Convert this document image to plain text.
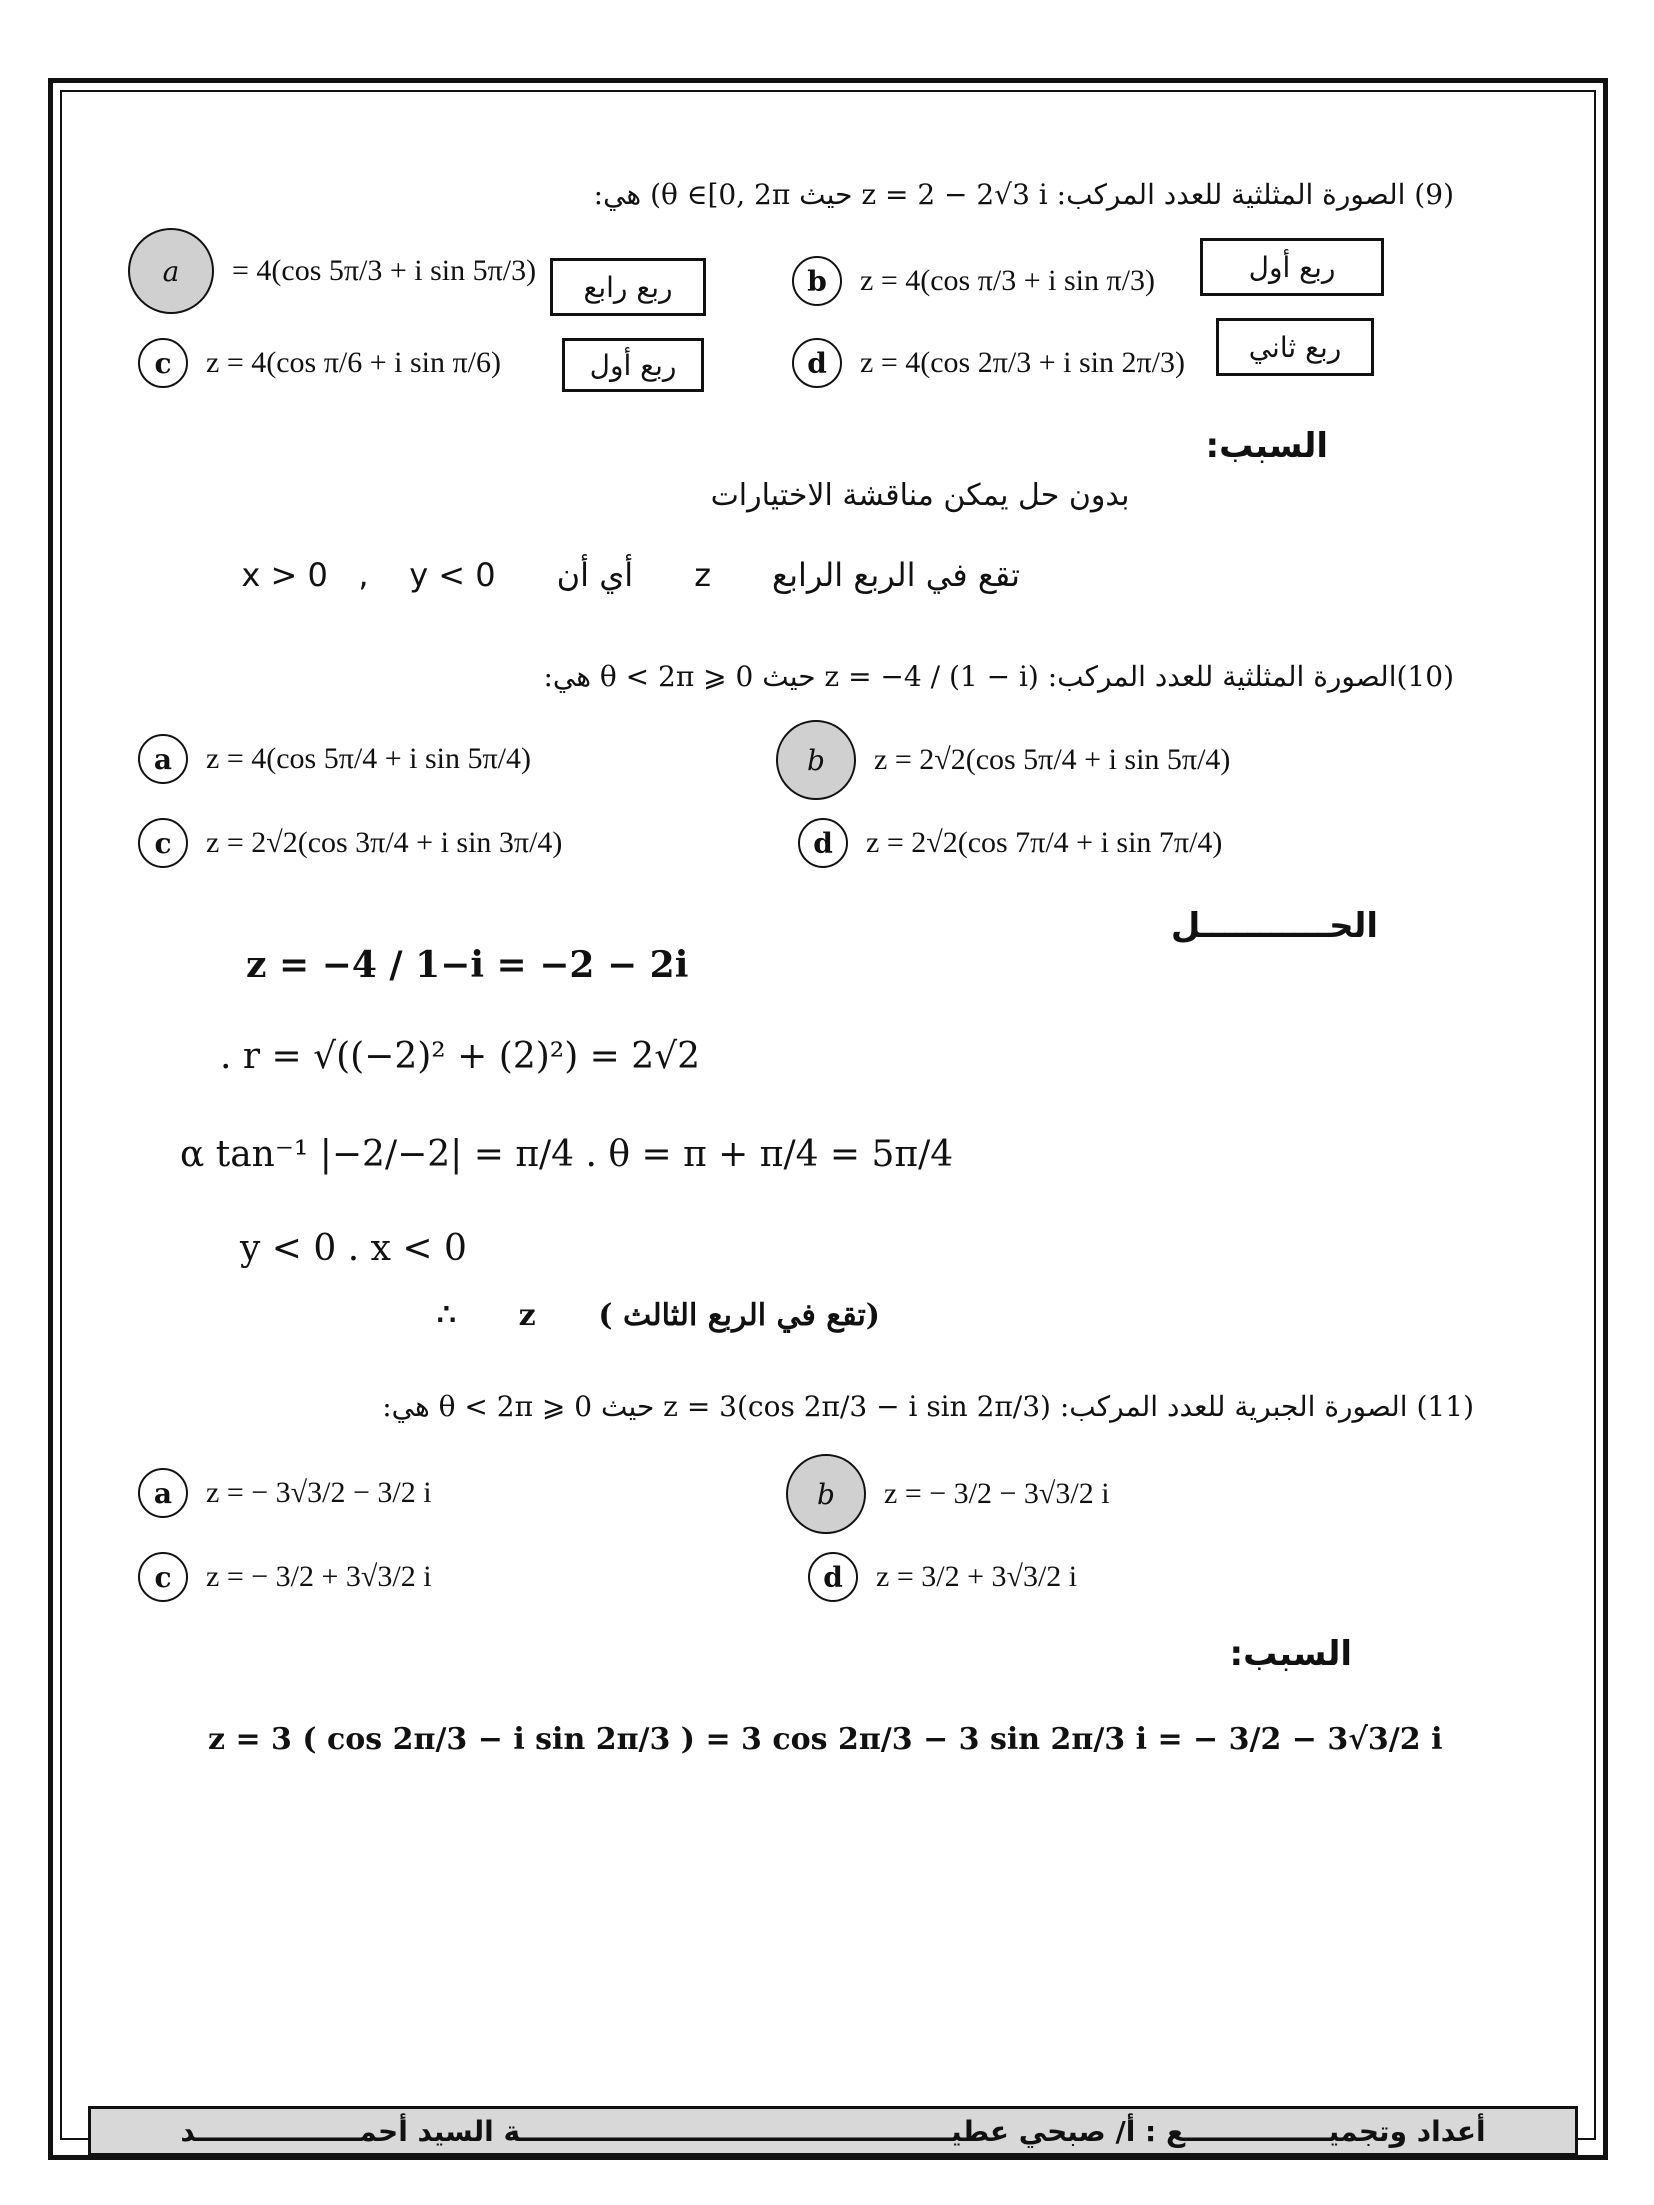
(9) الصورة المثلثية للعدد المركب: z = 2 − 2√3 i حيث θ ∈[0, 2π) هي:
a	= 4(cos 5π/3 + i sin 5π/3)	ربع رابع	b	z = 4(cos π/3 + i sin π/3)	ربع أول
c	z = 4(cos π/6 + i sin π/6)	ربع أول	d	z = 4(cos 2π/3 + i sin 2π/3)	ربع ثاني
السبب:
بدون حل يمكن مناقشة الاختيارات
تقع في الربع الرابع      z      أي أن      x > 0   ,    y < 0
(10)الصورة المثلثية للعدد المركب: z = −4 / (1 − i) حيث 0 ⩽ θ < 2π هي:
a	z = 4(cos 5π/4 + i sin 5π/4)	b	z = 2√2(cos 5π/4 + i sin 5π/4)
c	z = 2√2(cos 3π/4 + i sin 3π/4)	d	z = 2√2(cos 7π/4 + i sin 7π/4)
الحـــــــــــل
z = −4 / 1−i = −2 − 2i
. r = √((−2)² + (2)²) = 2√2
α tan⁻¹ |−2/−2| = π/4 . θ = π + π/4 = 5π/4
y < 0 . x < 0
(تقع في الربع الثالث )      z      ∴
(11) الصورة الجبرية للعدد المركب: z = 3(cos 2π/3 − i sin 2π/3) حيث 0 ⩽ θ < 2π هي:
a	z = − 3√3/2 − 3/2 i	b	z = − 3/2 − 3√3/2 i
c	z = − 3/2 + 3√3/2 i	d	z = 3/2 + 3√3/2 i
السبب:
z = 3 ( cos 2π/3 − i sin 2π/3 ) = 3 cos 2π/3 − 3 sin 2π/3 i = − 3/2 − 3√3/2 i
أعداد وتجميـــــــــــــــع : أ/ صبحي عطيـــــــــــــــــــــــــــــــــــــــــــــة السيد أحمـــــــــــــــــد
